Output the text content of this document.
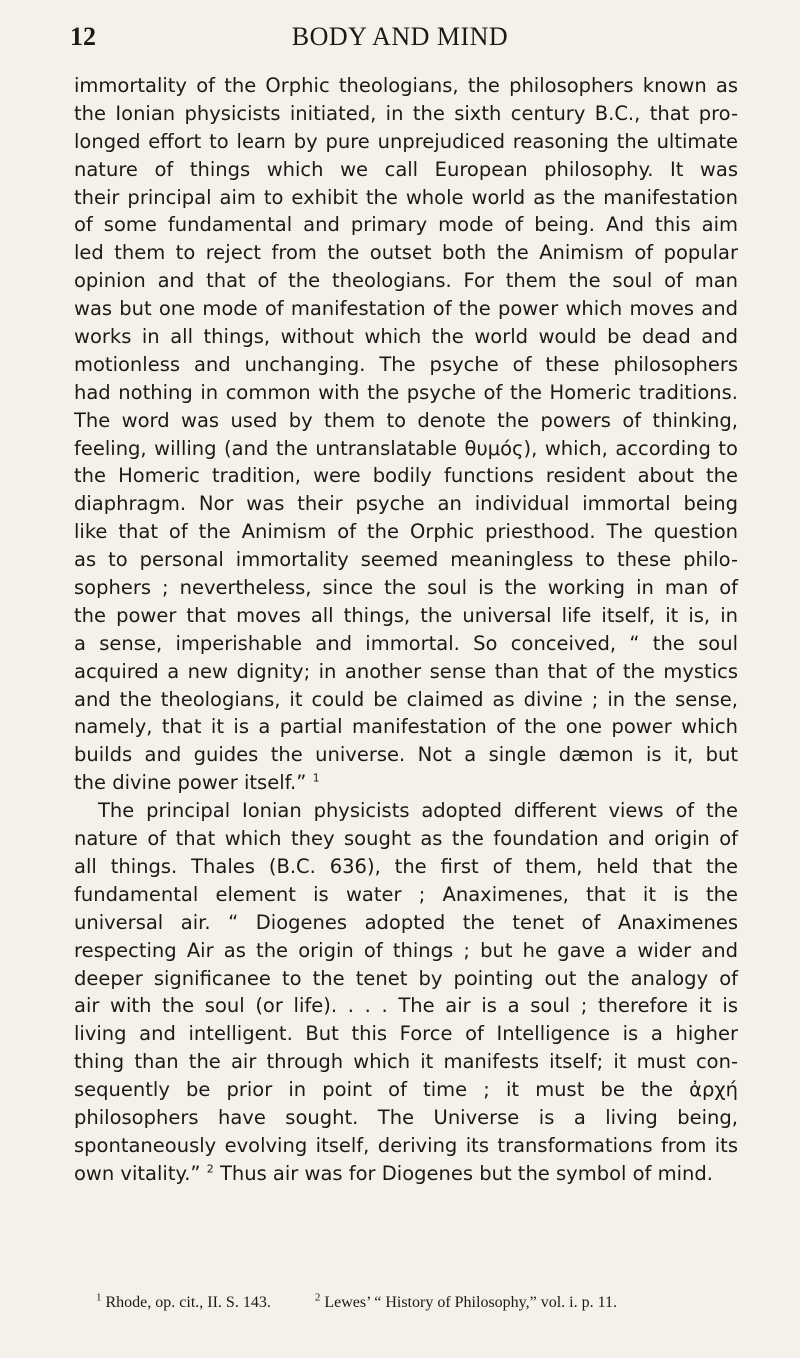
12	BODY AND MIND
immortality of the Orphic theologians, the philosophers known as
the Ionian physicists initiated, in the sixth century B.C., that pro-
longed effort to learn by pure unprejudiced reasoning the ultimate
nature of things which we call European philosophy. It was
their principal aim to exhibit the whole world as the manifestation
of some fundamental and primary mode of being. And this aim
led them to reject from the outset both the Animism of popular
opinion and that of the theologians. For them the soul of man
was but one mode of manifestation of the power which moves and
works in all things, without which the world would be dead and
motionless and unchanging. The psyche of these philosophers
had nothing in common with the psyche of the Homeric traditions.
The word was used by them to denote the powers of thinking,
feeling, willing (and the untranslatable θυμός), which, according to
the Homeric tradition, were bodily functions resident about the
diaphragm. Nor was their psyche an individual immortal being
like that of the Animism of the Orphic priesthood. The question
as to personal immortality seemed meaningless to these philo-
sophers ; nevertheless, since the soul is the working in man of
the power that moves all things, the universal life itself, it is, in
a sense, imperishable and immortal. So conceived, “ the soul
acquired a new dignity; in another sense than that of the mystics
and the theologians, it could be claimed as divine ; in the sense,
namely, that it is a partial manifestation of the one power which
builds and guides the universe. Not a single dæmon is it, but
the divine power itself.” $^1$
The principal Ionian physicists adopted different views of the
nature of that which they sought as the foundation and origin of
all things. Thales (B.C. 636), the first of them, held that the
fundamental element is water ; Anaximenes, that it is the
universal air. “ Diogenes adopted the tenet of Anaximenes
respecting Air as the origin of things ; but he gave a wider and
deeper significanee to the tenet by pointing out the analogy of
air with the soul (or life). . . . The air is a soul ; therefore it is
living and intelligent. But this Force of Intelligence is a higher
thing than the air through which it manifests itself; it must con-
sequently be prior in point of time ; it must be the ἀρχή
philosophers have sought. The Universe is a living being,
spontaneously evolving itself, deriving its transformations from its
own vitality.” $^2$ Thus air was for Diogenes but the symbol of mind.
$^1$ Rhode, op. cit., II. S. 143.	$^2$ Lewes’ “ History of Philosophy,” vol. i. p. 11.
